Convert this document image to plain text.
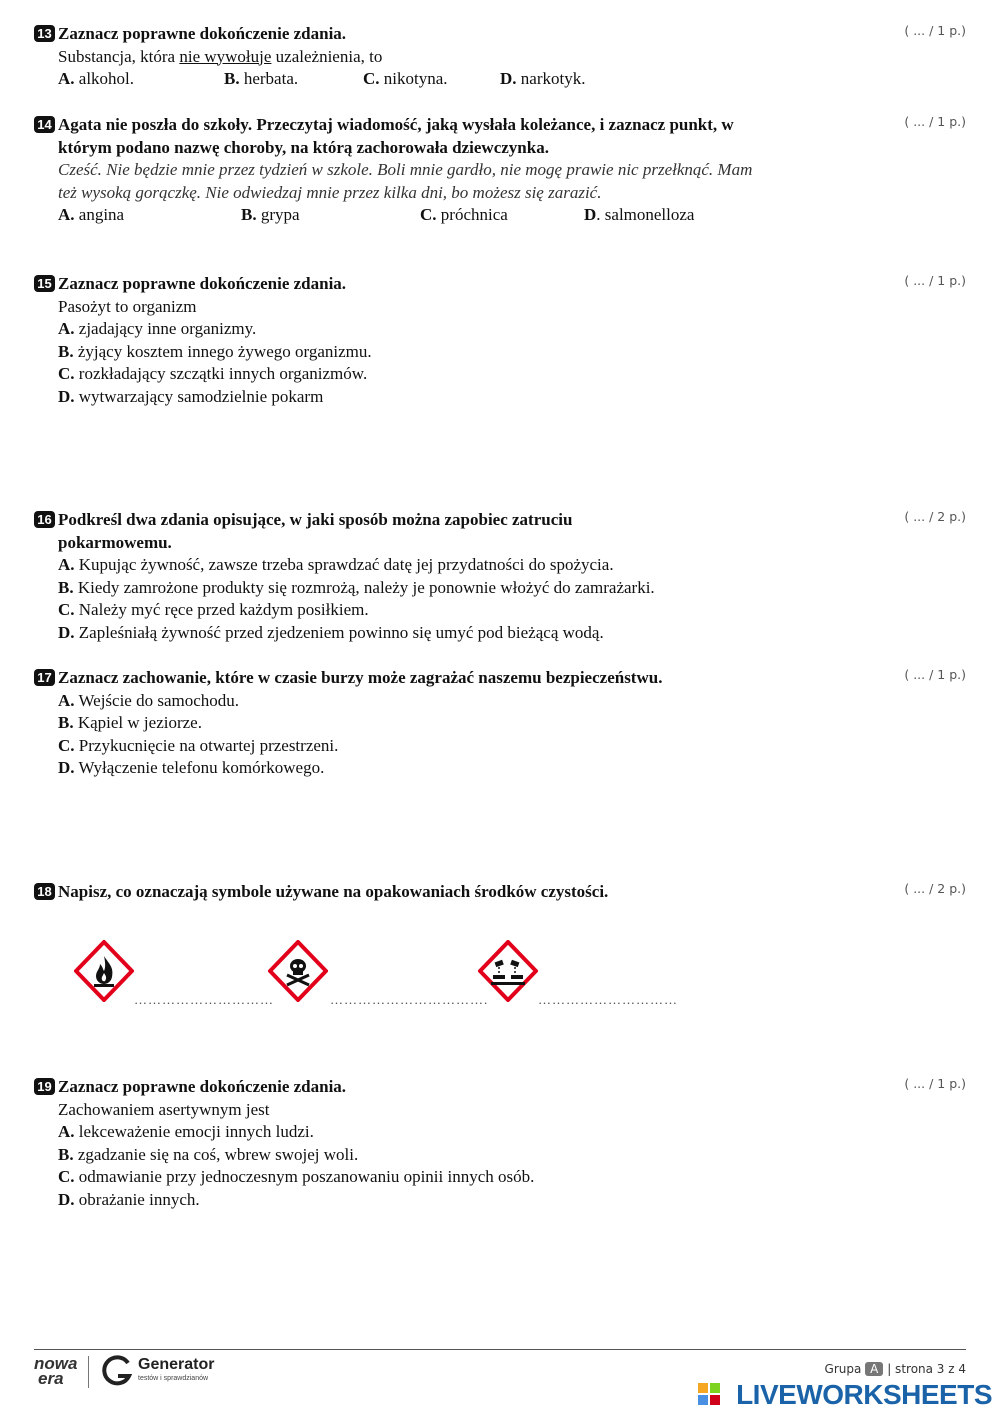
13 Zaznacz poprawne dokończenie zdania.	( ... / 1 p.)
Substancja, która nie wywołuje uzależnienia, to
A. alkohol.	B. herbata.	C. nikotyna.	D. narkotyk.
14 Agata nie poszła do szkoły. Przeczytaj wiadomość, jaką wysłała koleżance, i zaznacz punkt, w którym podano nazwę choroby, na którą zachorowała dziewczynka.
( ... / 1 p.)
Cześć. Nie będzie mnie przez tydzień w szkole. Boli mnie gardło, nie mogę prawie nic przełknąć. Mam też wysoką gorączkę. Nie odwiedzaj mnie przez kilka dni, bo możesz się zarazić.
A. angina	B. grypa	C. próchnica	D. salmonelloza
15 Zaznacz poprawne dokończenie zdania.	( ... / 1 p.)
Pasożyt to organizm
A. zjadający inne organizmy.
B. żyjący kosztem innego żywego organizmu.
C. rozkładający szczątki innych organizmów.
D. wytwarzający samodzielnie pokarm
16 Podkreśl dwa zdania opisujące, w jaki sposób można zapobiec zatruciu pokarmowemu.
( ... / 2 p.)
A. Kupując żywność, zawsze trzeba sprawdzać datę jej przydatności do spożycia.
B. Kiedy zamrożone produkty się rozmrożą, należy je ponownie włożyć do zamrażarki.
C. Należy myć ręce przed każdym posiłkiem.
D. Zapleśniałą żywność przed zjedzeniem powinno się umyć pod bieżącą wodą.
17 Zaznacz zachowanie, które w czasie burzy może zagrażać naszemu bezpieczeństwu.	( ... / 1 p.)
A. Wejście do samochodu.
B. Kąpiel w jeziorze.
C. Przykucnięcie na otwartej przestrzeni.
D. Wyłączenie telefonu komórkowego.
18 Napisz, co oznaczają symbole używane na opakowaniach środków czystości.	( ... / 2 p.)
…………………………	…………………………….	…………………………
19 Zaznacz poprawne dokończenie zdania.	( ... / 1 p.)
Zachowaniem asertywnym jest
A. lekceważenie emocji innych ludzi.
B. zgadzanie się na coś, wbrew swojej woli.
C. odmawianie przy jednoczesnym poszanowaniu opinii innych osób.
D. obrażanie innych.
nowa
era
Generator
testów i sprawdzianów
Grupa A | strona 3 z 4
LIVEWORKSHEETS
